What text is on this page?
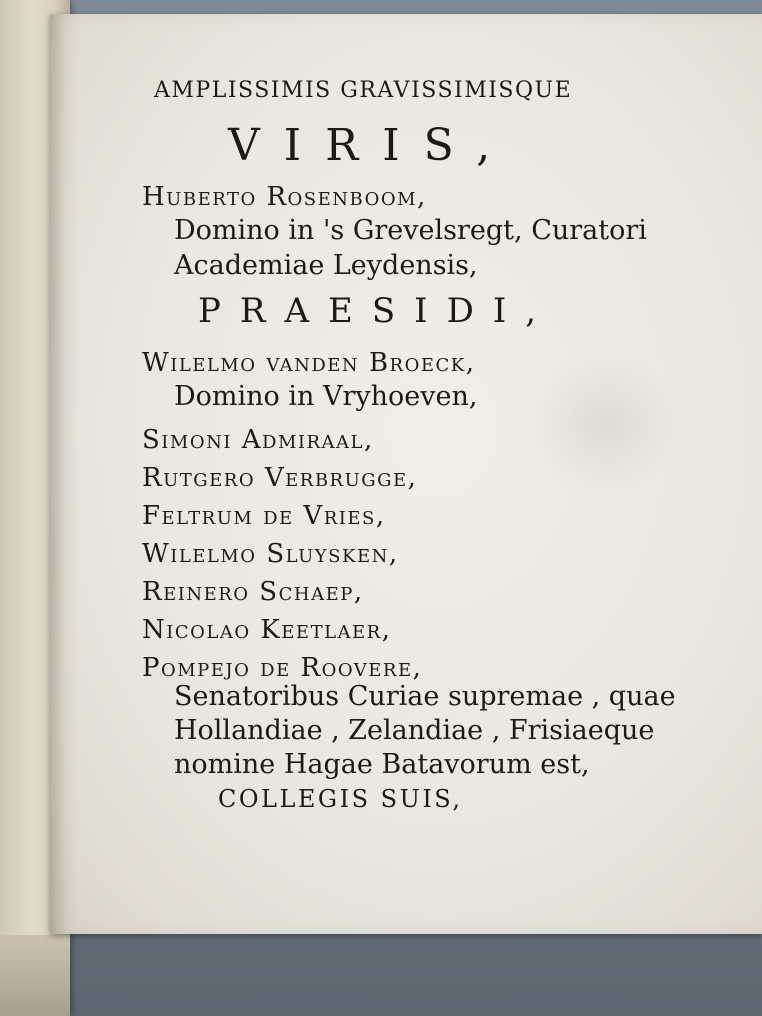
AMPLISSIMIS GRAVISSIMISQUE
VIRIS,
Huberto Rosenboom,
Domino in 's Grevelsregt, Curatori
Academiae Leydensis,
PRAESIDI,
Wilelmo vanden Broeck,
Domino in Vryhoeven,
Simoni Admiraal,
Rutgero Verbrugge,
Feltrum de Vries,
Wilelmo Sluysken,
Reinero Schaep,
Nicolao Keetlaer,
Pompejo de Roovere,
Senatoribus Curiae supremae , quae
Hollandiae , Zelandiae , Frisiaeque
nomine Hagae Batavorum est,
COLLEGIS SUIS,
